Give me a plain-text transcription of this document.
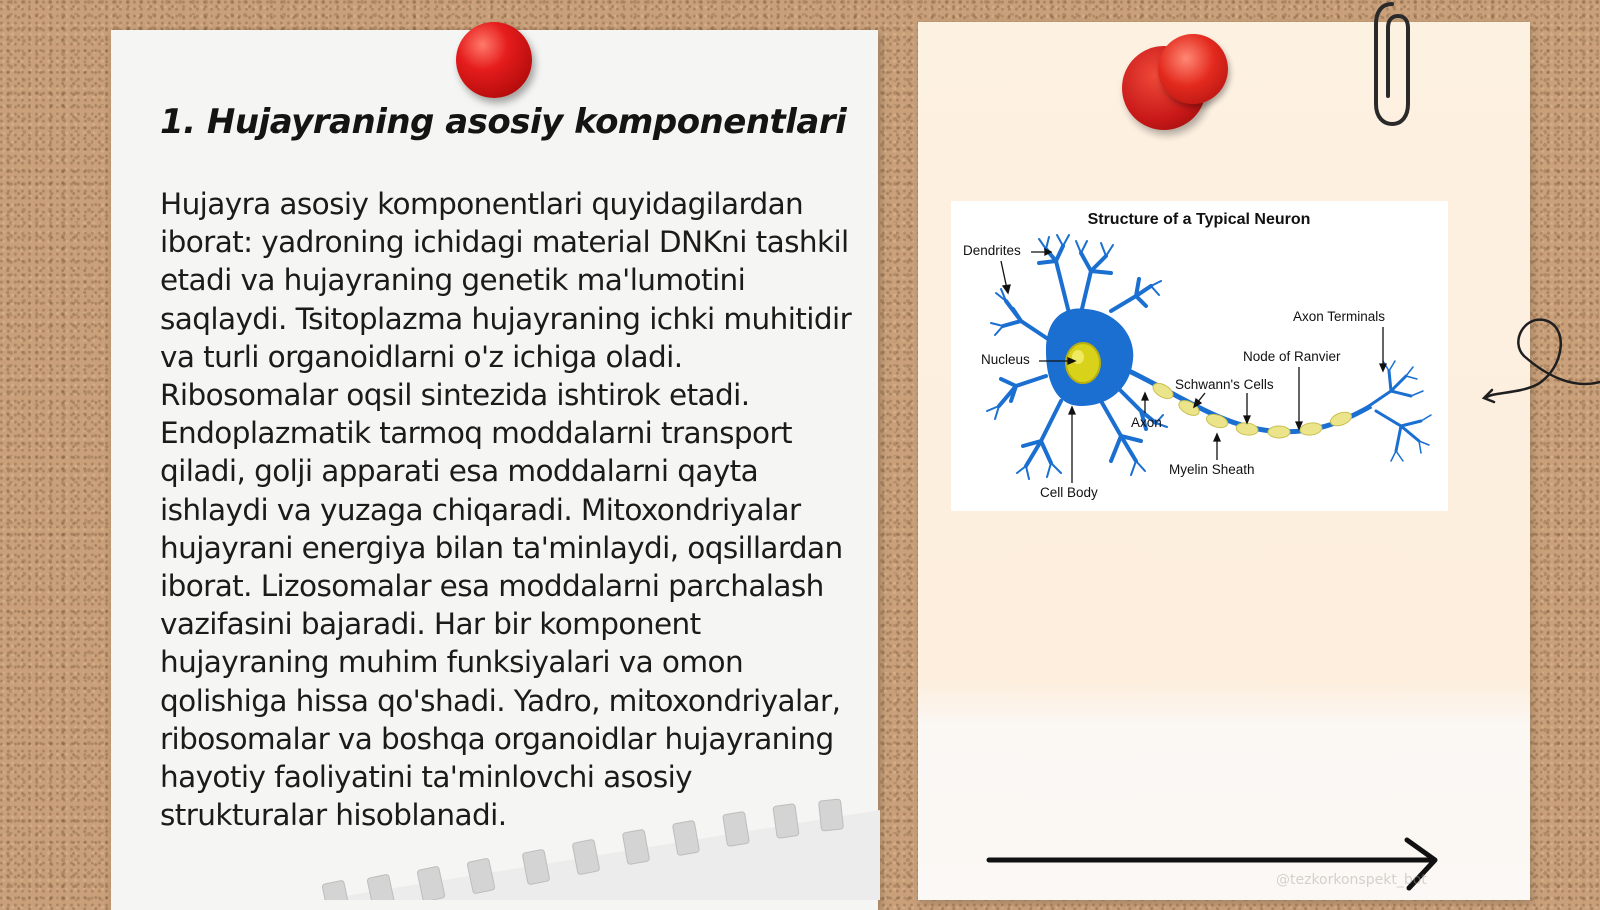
1. Hujayraning asosiy komponentlari

Hujayra asosiy komponentlari quyidagilardan iborat: yadroning ichidagi material DNKni tashkil etadi va hujayraning genetik ma'lumotini saqlaydi. Tsitoplazma hujayraning ichki muhitidir va turli organoidlarni o'z ichiga oladi. Ribosomalar oqsil sintezida ishtirok etadi. Endoplazmatik tarmoq moddalarni transport qiladi, golji apparati esa moddalarni qayta ishlaydi va yuzaga chiqaradi. Mitoxondriyalar hujayrani energiya bilan ta'minlaydi, oqsillardan iborat. Lizosomalar esa moddalarni parchalash vazifasini bajaradi. Har bir komponent hujayraning muhim funksiyalari va omon qolishiga hissa qo'shadi. Yadro, mitoxondriyalar, ribosomalar va boshqa organoidlar hujayraning hayotiy faoliyatini ta'minlovchi asosiy strukturalar hisoblanadi.

Structure of a Typical Neuron
Dendrites
Nucleus
Axon
Cell Body
Schwann's Cells
Myelin Sheath
Node of Ranvier
Axon Terminals
@tezkorkonspekt_bot
